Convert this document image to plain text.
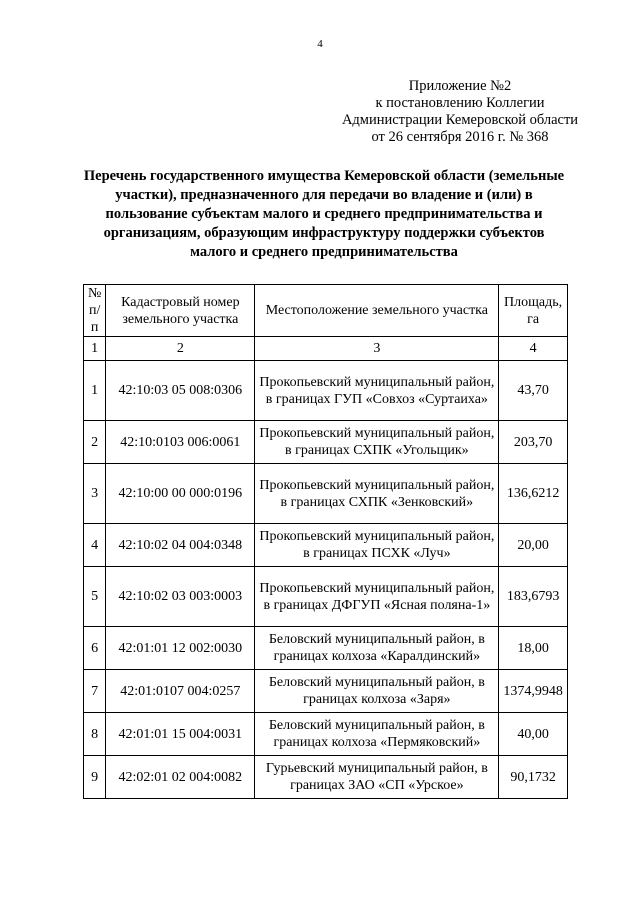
4
Приложение №2
к постановлению Коллегии
Администрации Кемеровской области
от 26 сентября 2016 г. № 368
Перечень государственного имущества Кемеровской области (земельные
участки), предназначенного для передачи во владение и (или) в
пользование субъектам малого и среднего предпринимательства и
организациям, образующим инфраструктуру поддержки субъектов
малого и среднего предпринимательства
№ п/п	Кадастровый номер земельного участка	Местоположение земельного участка	Площадь, га
1	2	3	4
1	42:10:03 05 008:0306	Прокопьевский муниципальный район, в границах ГУП «Совхоз «Суртаиха»	43,70
2	42:10:0103 006:0061	Прокопьевский муниципальный район, в границах СХПК «Угольщик»	203,70
3	42:10:00 00 000:0196	Прокопьевский муниципальный район, в границах СХПК «Зенковский»	136,6212
4	42:10:02 04 004:0348	Прокопьевский муниципальный район, в границах ПСХК «Луч»	20,00
5	42:10:02 03 003:0003	Прокопьевский муниципальный район, в границах ДФГУП «Ясная поляна-1»	183,6793
6	42:01:01 12 002:0030	Беловский муниципальный район, в границах колхоза «Каралдинский»	18,00
7	42:01:0107 004:0257	Беловский муниципальный район, в границах колхоза «Заря»	1374,9948
8	42:01:01 15 004:0031	Беловский муниципальный район, в границах колхоза «Пермяковский»	40,00
9	42:02:01 02 004:0082	Гурьевский муниципальный район, в границах ЗАО «СП «Урское»	90,1732
